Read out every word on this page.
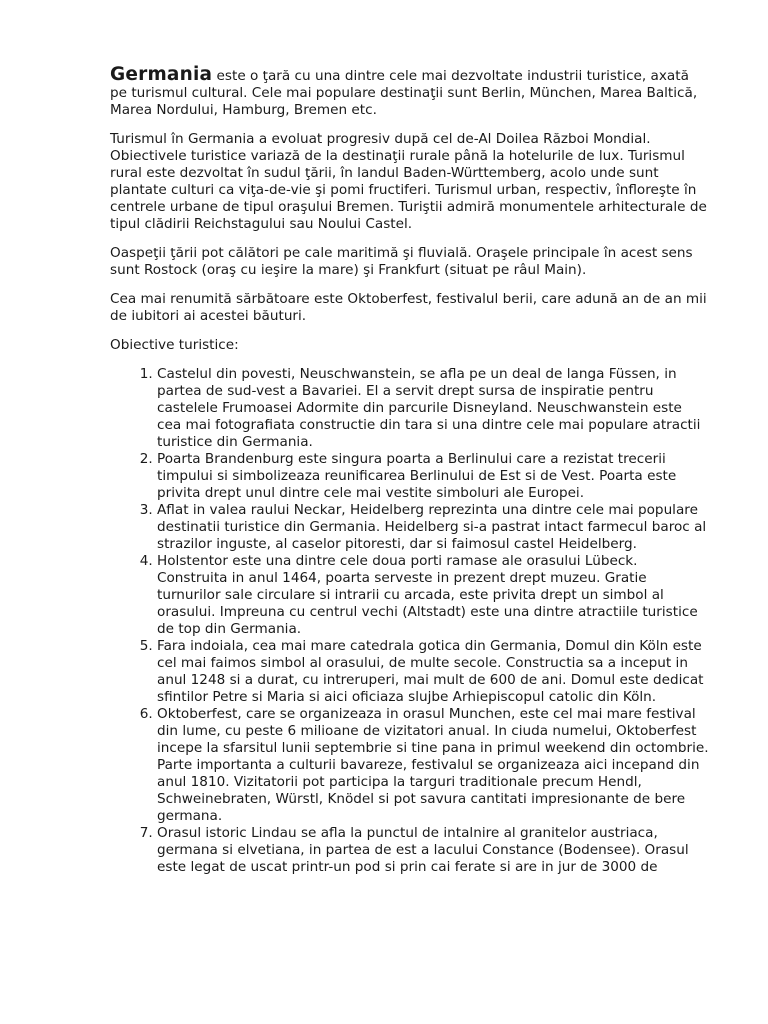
Germania este o ţară cu una dintre cele mai dezvoltate industrii turistice, axată pe turismul cultural. Cele mai populare destinaţii sunt Berlin, München, Marea Baltică, Marea Nordului, Hamburg, Bremen etc.

Turismul în Germania a evoluat progresiv după cel de-Al Doilea Război Mondial. Obiectivele turistice variază de la destinaţii rurale până la hotelurile de lux. Turismul rural este dezvoltat în sudul ţării, în landul Baden-Württemberg, acolo unde sunt plantate culturi ca viţa-de-vie şi pomi fructiferi. Turismul urban, respectiv, înfloreşte în centrele urbane de tipul oraşului Bremen. Turiştii admiră monumentele arhitecturale de tipul clădirii Reichstagului sau Noului Castel.

Oaspeţii ţării pot călători pe cale maritimă şi fluvială. Oraşele principale în acest sens sunt Rostock (oraş cu ieşire la mare) şi Frankfurt (situat pe râul Main).

Cea mai renumită sărbătoare este Oktoberfest, festivalul berii, care adună an de an mii de iubitori ai acestei băuturi.

Obiective turistice:

1. Castelul din povesti, Neuschwanstein, se afla pe un deal de langa Füssen, in partea de sud-vest a Bavariei. El a servit drept sursa de inspiratie pentru castelele Frumoasei Adormite din parcurile Disneyland. Neuschwanstein este cea mai fotografiata constructie din tara si una dintre cele mai populare atractii turistice din Germania.
2. Poarta Brandenburg este singura poarta a Berlinului care a rezistat trecerii timpului si simbolizeaza reunificarea Berlinului de Est si de Vest. Poarta este privita drept unul dintre cele mai vestite simboluri ale Europei.
3. Aflat in valea raului Neckar, Heidelberg reprezinta una dintre cele mai populare destinatii turistice din Germania. Heidelberg si-a pastrat intact farmecul baroc al strazilor inguste, al caselor pitoresti, dar si faimosul castel Heidelberg.
4. Holstentor este una dintre cele doua porti ramase ale orasului Lübeck. Construita in anul 1464, poarta serveste in prezent drept muzeu. Gratie turnurilor sale circulare si intrarii cu arcada, este privita drept un simbol al orasului. Impreuna cu centrul vechi (Altstadt) este una dintre atractiile turistice de top din Germania.
5. Fara indoiala, cea mai mare catedrala gotica din Germania, Domul din Köln este cel mai faimos simbol al orasului, de multe secole. Constructia sa a inceput in anul 1248 si a durat, cu intreruperi, mai mult de 600 de ani. Domul este dedicat sfintilor Petre si Maria si aici oficiaza slujbe Arhiepiscopul catolic din Köln.
6. Oktoberfest, care se organizeaza in orasul Munchen, este cel mai mare festival din lume, cu peste 6 milioane de vizitatori anual. In ciuda numelui, Oktoberfest incepe la sfarsitul lunii septembrie si tine pana in primul weekend din octombrie. Parte importanta a culturii bavareze, festivalul se organizeaza aici incepand din anul 1810. Vizitatorii pot participa la targuri traditionale precum Hendl, Schweinebraten, Würstl, Knödel si pot savura cantitati impresionante de bere germana.
7. Orasul istoric Lindau se afla la punctul de intalnire al granitelor austriaca, germana si elvetiana, in partea de est a lacului Constance (Bodensee). Orasul este legat de uscat printr-un pod si prin cai ferate si are in jur de 3000 de
